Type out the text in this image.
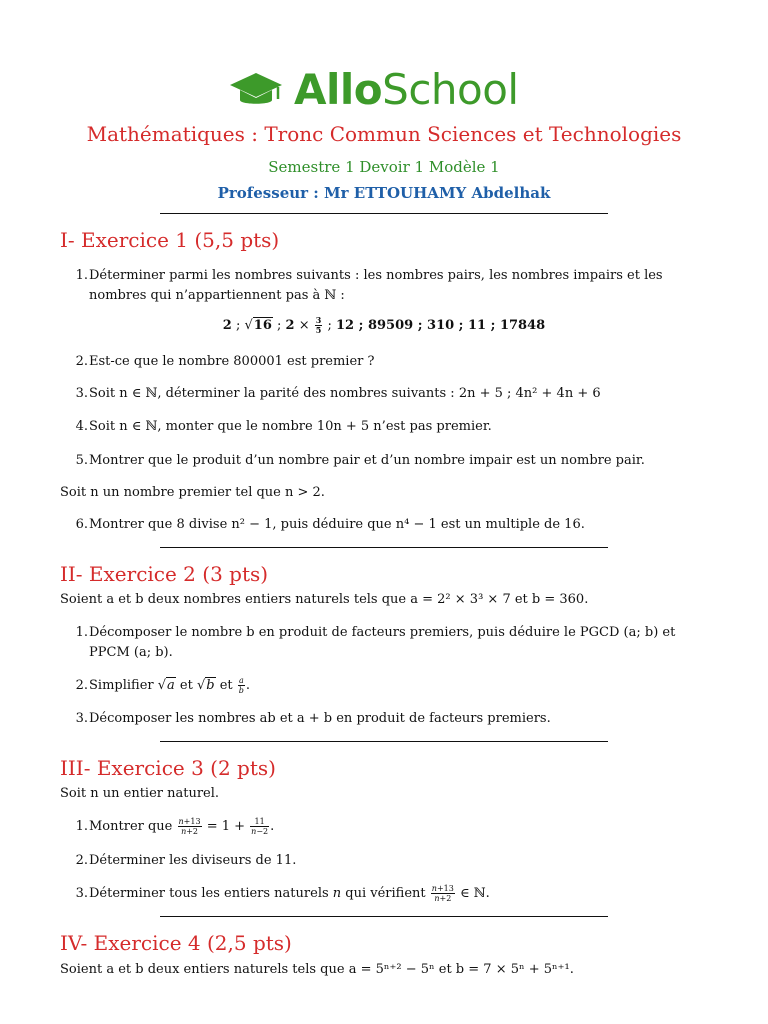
AlloSchool
Mathématiques : Tronc Commun Sciences et Technologies
Semestre 1 Devoir 1 Modèle 1
Professeur : Mr ETTOUHAMY Abdelhak
I- Exercice 1 (5,5 pts)
1. Déterminer parmi les nombres suivants : les nombres pairs, les nombres impairs et les nombres qui n’appartiennent pas à ℕ :
2 ; √16 ; $2 \times \frac{3}{5}$ ; 12 ; 89509 ; 310 ; 11 ; 17848
2. Est-ce que le nombre 800001 est premier ?
3. Soit n ∈ ℕ, déterminer la parité des nombres suivants : 2n + 5 ; 4n² + 4n + 6
4. Soit n ∈ ℕ, monter que le nombre 10n + 5 n’est pas premier.
5. Montrer que le produit d’un nombre pair et d’un nombre impair est un nombre pair.
Soit n un nombre premier tel que n > 2.
6. Montrer que 8 divise n² − 1, puis déduire que n⁴ − 1 est un multiple de 16.
II- Exercice 2 (3 pts)
Soient a et b deux nombres entiers naturels tels que a = 2² × 3³ × 7 et b = 360.
1. Décomposer le nombre b en produit de facteurs premiers, puis déduire le PGCD (a; b) et PPCM (a; b).
2. Simplifier √a et √b et $\frac{a}{b}$ .
3. Décomposer les nombres ab et a + b en produit de facteurs premiers.
III- Exercice 3 (2 pts)
Soit n un entier naturel.
1. Montrer que $\frac{n+13}{n+2} = 1 + \frac{11}{n-2}$ .
2. Déterminer les diviseurs de 11.
3. Déterminer tous les entiers naturels n qui vérifient $\frac{n+13}{n+2}$ ∈ ℕ.
IV- Exercice 4 (2,5 pts)
Soient a et b deux entiers naturels tels que a = 5ⁿ⁺² − 5ⁿ et b = 7 × 5ⁿ + 5ⁿ⁺¹.
